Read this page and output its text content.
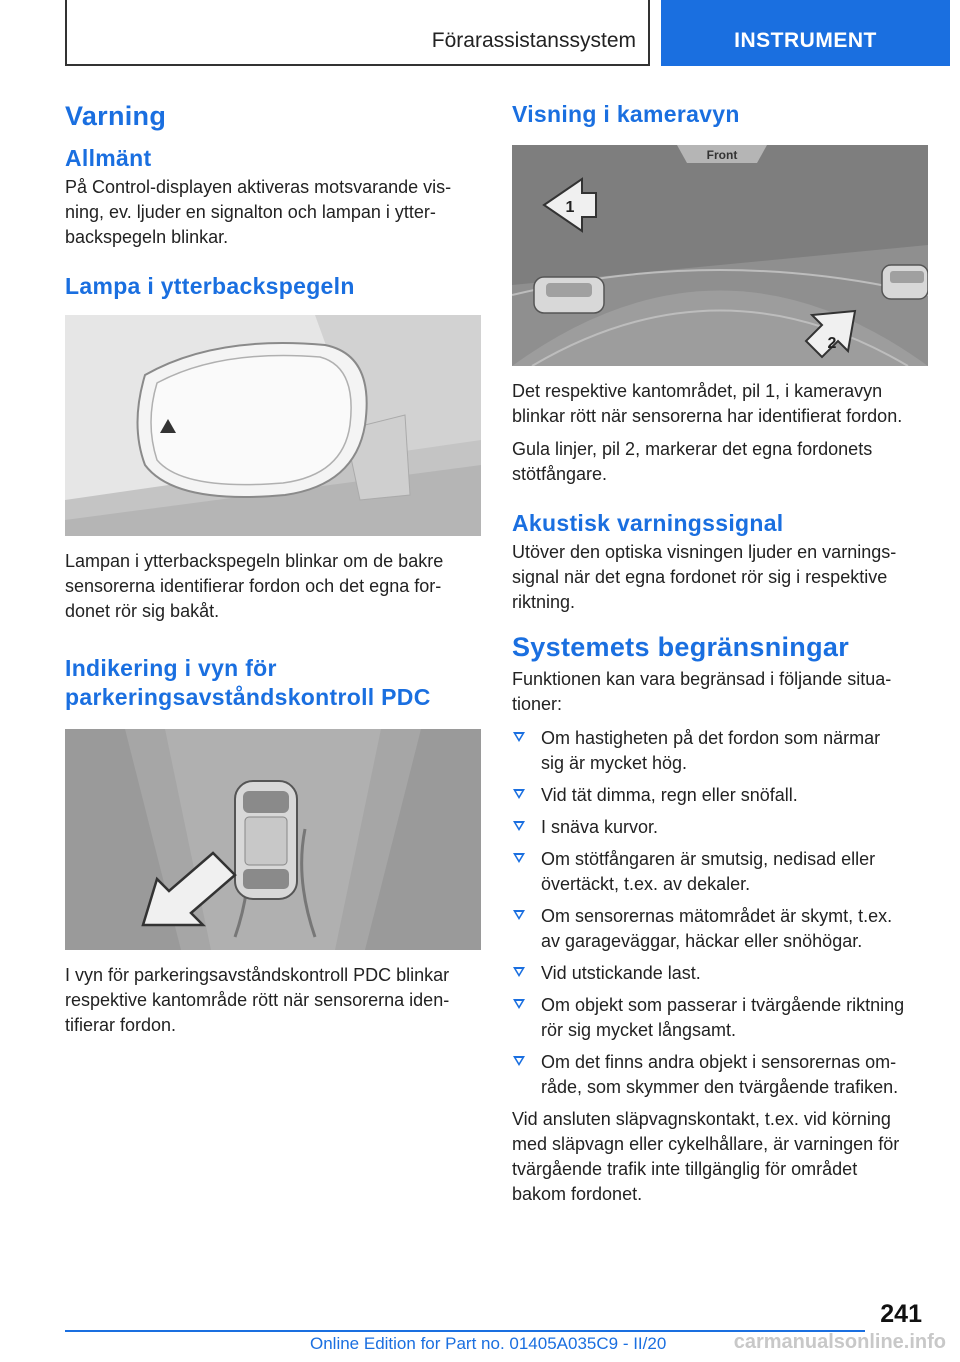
Förarassistanssystem	INSTRUMENT
Varning
Allmänt

På Control-displayen aktiveras motsvarande vis-
ning, ev. ljuder en signalton och lampan i ytter-
backspegeln blinkar.

Lampa i ytterbackspegeln

Lampan i ytterbackspegeln blinkar om de bakre
sensorerna identifierar fordon och det egna for-
donet rör sig bakåt.

Indikering i vyn för
parkeringsavståndskontroll PDC

I vyn för parkeringsavståndskontroll PDC blinkar
respektive kantområde rött när sensorerna iden-
tifierar fordon.

Visning i kameravyn
Front
1
2

Det respektive kantområdet, pil 1, i kameravyn
blinkar rött när sensorerna har identifierat fordon.

Gula linjer, pil 2, markerar det egna fordonets
stötfångare.

Akustisk varningssignal

Utöver den optiska visningen ljuder en varnings-
signal när det egna fordonet rör sig i respektive
riktning.

Systemets begränsningar

Funktionen kan vara begränsad i följande situa-
tioner:

Om hastigheten på det fordon som närmar
sig är mycket hög.
Vid tät dimma, regn eller snöfall.
I snäva kurvor.
Om stötfångaren är smutsig, nedisad eller
övertäckt, t.ex. av dekaler.
Om sensorernas mätområdet är skymt, t.ex.
av garageväggar, häckar eller snöhögar.
Vid utstickande last.
Om objekt som passerar i tvärgående riktning
rör sig mycket långsamt.
Om det finns andra objekt i sensorernas om-
råde, som skymmer den tvärgående trafiken.

Vid ansluten släpvagnskontakt, t.ex. vid körning
med släpvagn eller cykelhållare, är varningen för
tvärgående trafik inte tillgänglig för området
bakom fordonet.

241
Online Edition for Part no. 01405A035C9 - II/20	carmanualsonline.info
